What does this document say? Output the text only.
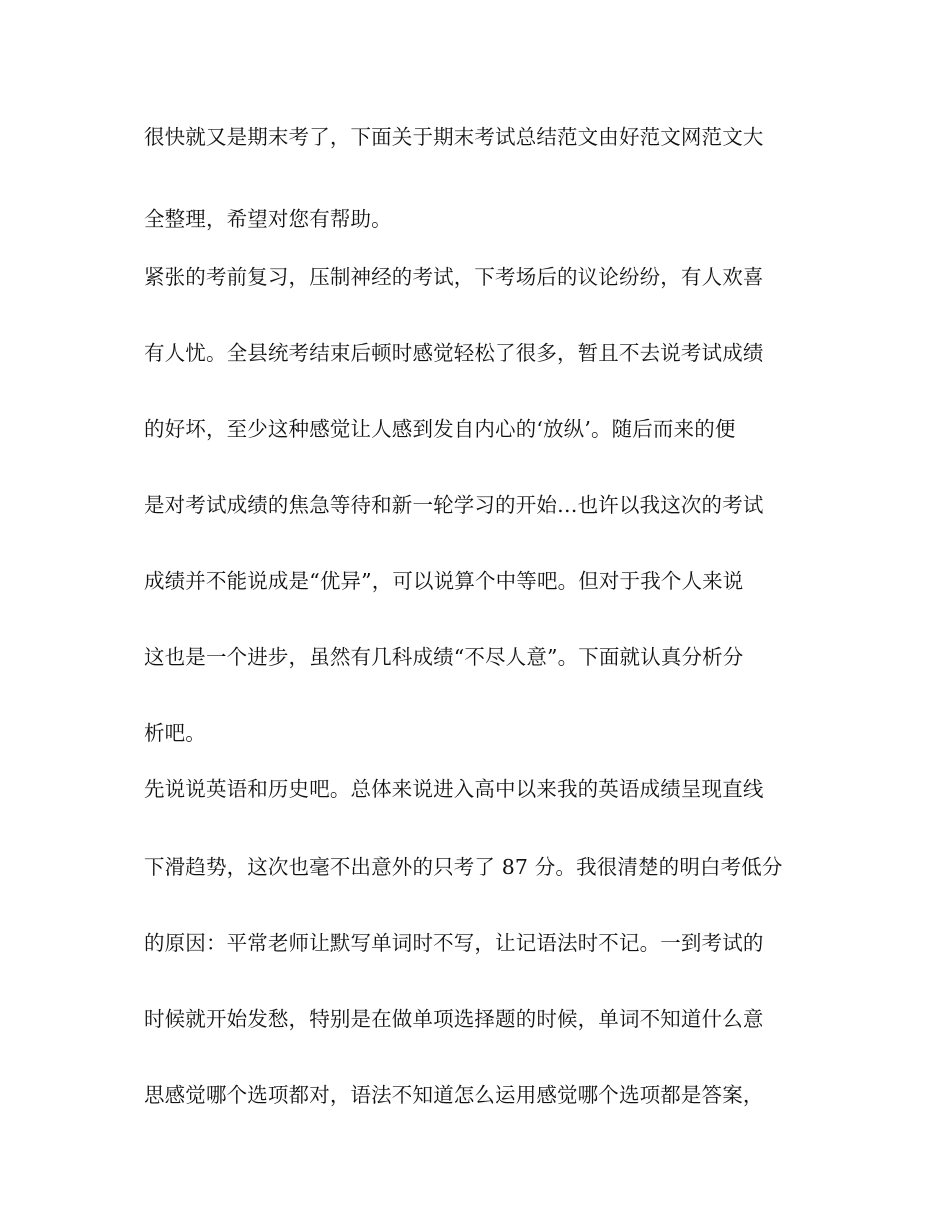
很快就又是期末考了，下面关于期末考试总结范文由好范文网范文大
全整理，希望对您有帮助。
紧张的考前复习，压制神经的考试，下考场后的议论纷纷，有人欢喜
有人忧。全县统考结束后顿时感觉轻松了很多，暂且不去说考试成绩
的好坏，至少这种感觉让人感到发自内心的‘放纵’。随后而来的便
是对考试成绩的焦急等待和新一轮学习的开始…也许以我这次的考试
成绩并不能说成是“优异”，可以说算个中等吧。但对于我个人来说
这也是一个进步，虽然有几科成绩“不尽人意”。下面就认真分析分
析吧。
先说说英语和历史吧。总体来说进入高中以来我的英语成绩呈现直线
下滑趋势，这次也毫不出意外的只考了 87 分。我很清楚的明白考低分
的原因：平常老师让默写单词时不写，让记语法时不记。一到考试的
时候就开始发愁，特别是在做单项选择题的时候，单词不知道什么意
思感觉哪个选项都对，语法不知道怎么运用感觉哪个选项都是答案，
